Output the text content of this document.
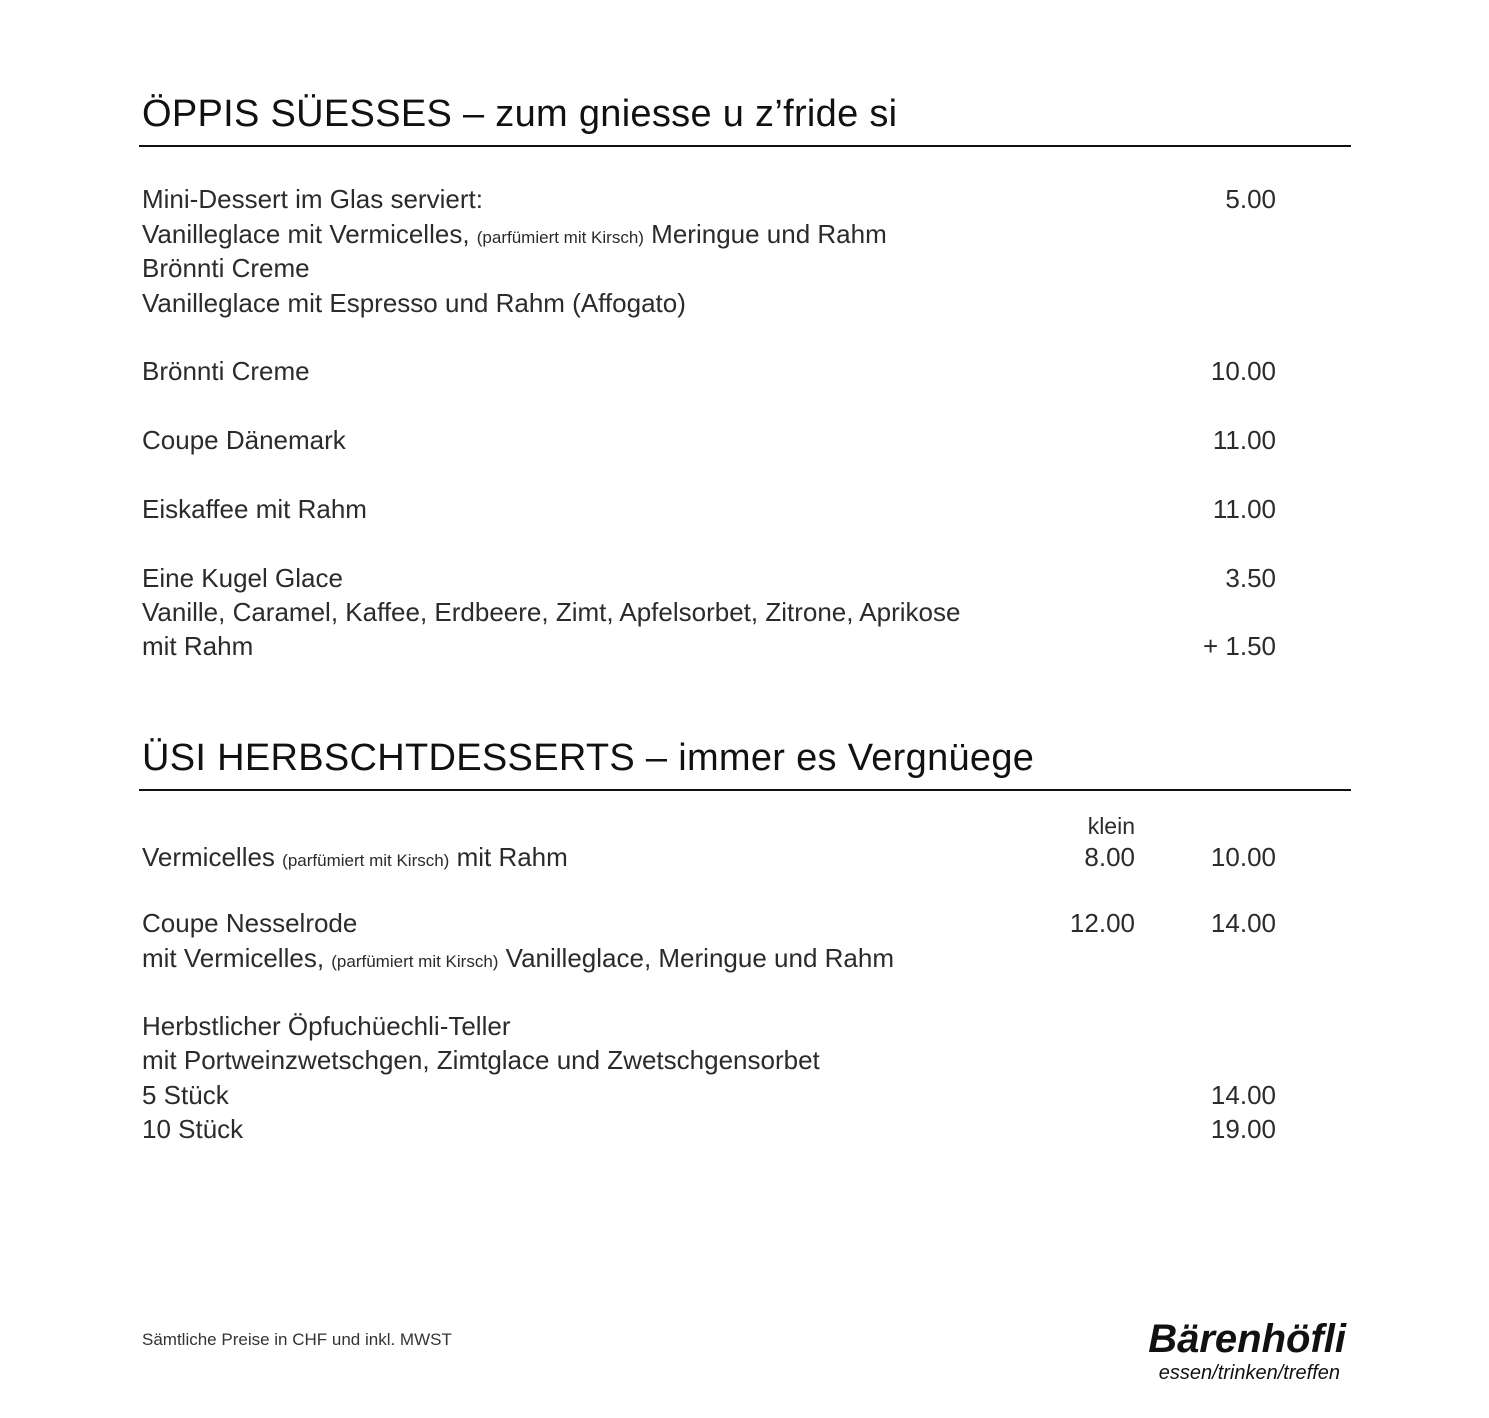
ÖPPIS SÜESSES – zum gniesse u z’fride si
Mini-Dessert im Glas serviert:	5.00
Vanilleglace mit Vermicelles, (parfümiert mit Kirsch) Meringue und Rahm
Brönnti Creme
Vanilleglace mit Espresso und Rahm (Affogato)
Brönnti Creme	10.00
Coupe Dänemark	11.00
Eiskaffee mit Rahm	11.00
Eine Kugel Glace	3.50
Vanille, Caramel, Kaffee, Erdbeere, Zimt, Apfelsorbet, Zitrone, Aprikose
mit Rahm	+ 1.50
ÜSI HERBSCHTDESSERTS – immer es Vergnüege
klein
Vermicelles (parfümiert mit Kirsch) mit Rahm	8.00	10.00
Coupe Nesselrode	12.00	14.00
mit Vermicelles, (parfümiert mit Kirsch) Vanilleglace, Meringue und Rahm
Herbstlicher Öpfuchüechli-Teller
mit Portweinzwetschgen, Zimtglace und Zwetschgensorbet
5 Stück	14.00
10 Stück	19.00
Sämtliche Preise in CHF und inkl. MWST	Bärenhöfli
essen/trinken/treffen
